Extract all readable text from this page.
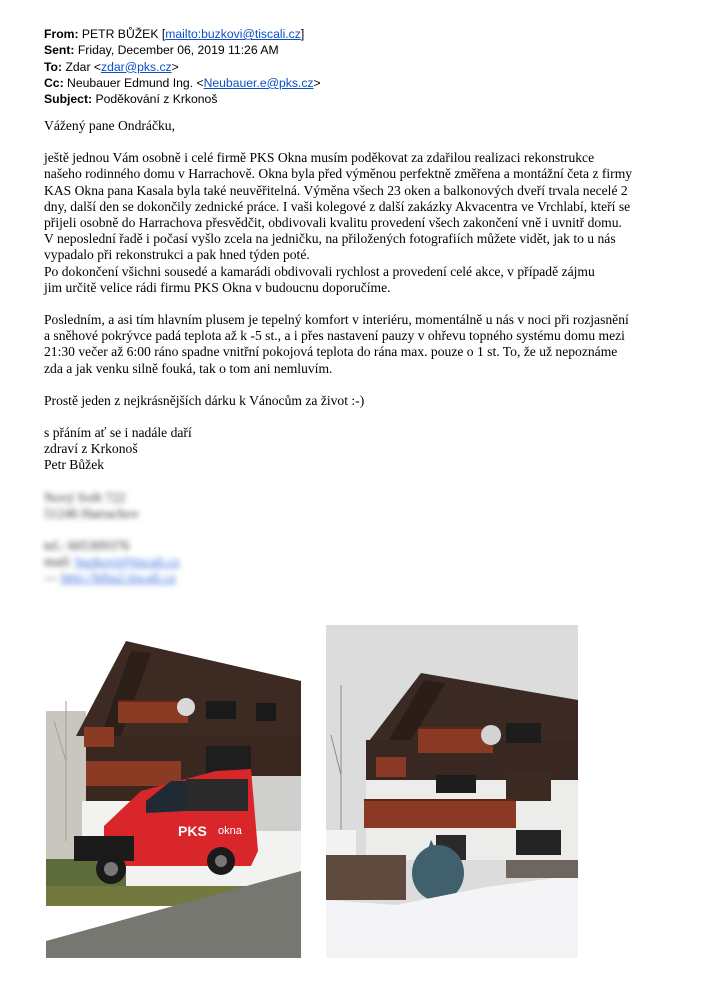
From: PETR BŮŽEK [mailto:buzkovi@tiscali.cz]
Sent: Friday, December 06, 2019 11:26 AM
To: Zdar <zdar@pks.cz>
Cc: Neubauer Edmund Ing. <Neubauer.e@pks.cz>
Subject: Poděkování z Krkonoš

Vážený pane Ondráčku,

ještě jednou Vám osobně i celé firmě PKS Okna musím poděkovat za zdařilou realizaci rekonstrukce
našeho rodinného domu v Harrachově. Okna byla před výměnou perfektně změřena a montážní četa z firmy
KAS Okna pana Kasala byla také neuvěřitelná. Výměna všech 23 oken a balkonových dveří trvala necelé 2
dny, další den se dokončily zednické práce. I vaši kolegové z další zakázky Akvacentra ve Vrchlabí, kteří se
přijeli osobně do Harrachova přesvědčit, obdivovali kvalitu provedení všech zakončení vně i uvnitř domu.
V neposlední řadě i počasí vyšlo zcela na jedničku, na přiložených fotografiích můžete vidět, jak to u nás
vypadalo při rekonstrukci a pak hned týden poté.
Po dokončení všichni sousedé a kamarádi obdivovali rychlost a provedení celé akce, v případě zájmu
jim určitě velice rádi firmu PKS Okna v budoucnu doporučíme.
Posledním, a asi tím hlavním plusem je tepelný komfort v interiéru, momentálně u nás v noci při rozjasnění
a sněhové pokrývce padá teplota až k -5 st., a i přes nastavení pauzy v ohřevu topného systému domu mezi
21:30 večer až 6:00 ráno spadne vnitřní pokojová teplota do rána max. pouze o 1 st. To, že už nepoznáme
zda a jak venku silně fouká, tak o tom ani nemluvím.

Prostě jeden z nejkrásnějších dárku k Vánocům za život :-)

s přáním ať se i nadále daří
zdraví z Krkonoš
Petr Bůžek
Nový Svět 722
51246 Harrachov
tel.: 605309376
mail: buzkovi@tiscali.cz
— http://hthu2.tiscali.cz
PKS okna
